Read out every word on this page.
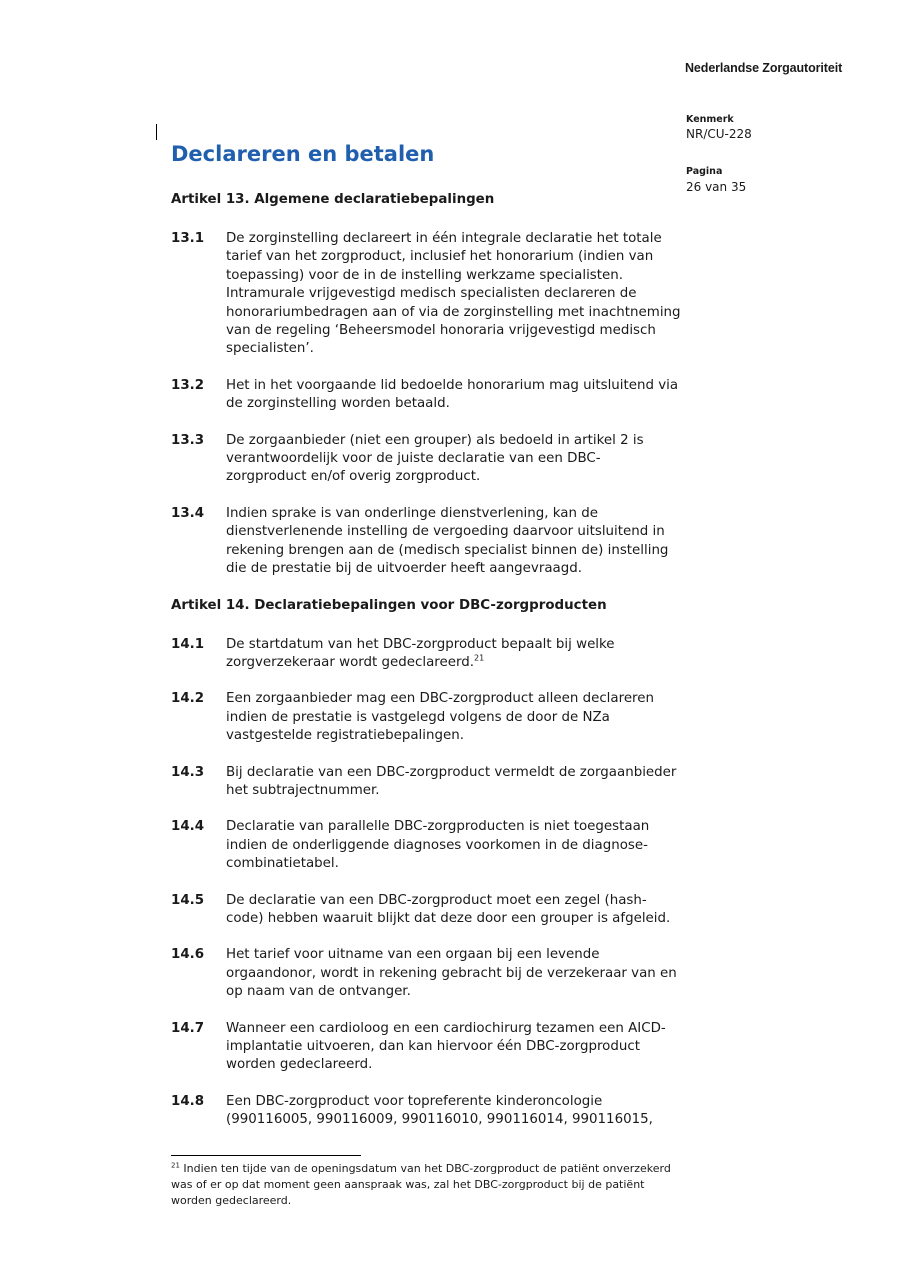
Nederlandse Zorgautoriteit
Kenmerk
NR/CU-228
Pagina
26 van 35
Declareren en betalen

Artikel 13. Algemene declaratiebepalingen

13.1	De zorginstelling declareert in één integrale declaratie het totale tarief van het zorgproduct, inclusief het honorarium (indien van toepassing) voor de in de instelling werkzame specialisten. Intramurale vrijgevestigd medisch specialisten declareren de honorariumbedragen aan of via de zorginstelling met inachtneming van de regeling ‘Beheersmodel honoraria vrijgevestigd medisch specialisten’.
13.2	Het in het voorgaande lid bedoelde honorarium mag uitsluitend via de zorginstelling worden betaald.
13.3	De zorgaanbieder (niet een grouper) als bedoeld in artikel 2 is verantwoordelijk voor de juiste declaratie van een DBC-zorgproduct en/of overig zorgproduct.
13.4	Indien sprake is van onderlinge dienstverlening, kan de dienstverlenende instelling de vergoeding daarvoor uitsluitend in rekening brengen aan de (medisch specialist binnen de) instelling die de prestatie bij de uitvoerder heeft aangevraagd.

Artikel 14. Declaratiebepalingen voor DBC-zorgproducten

14.1	De startdatum van het DBC-zorgproduct bepaalt bij welke zorgverzekeraar wordt gedeclareerd.$^{21}$
14.2	Een zorgaanbieder mag een DBC-zorgproduct alleen declareren indien de prestatie is vastgelegd volgens de door de NZa vastgestelde registratiebepalingen.
14.3	Bij declaratie van een DBC-zorgproduct vermeldt de zorgaanbieder het subtrajectnummer.
14.4	Declaratie van parallelle DBC-zorgproducten is niet toegestaan indien de onderliggende diagnoses voorkomen in de diagnose-combinatietabel.
14.5	De declaratie van een DBC-zorgproduct moet een zegel (hash-code) hebben waaruit blijkt dat deze door een grouper is afgeleid.
14.6	Het tarief voor uitname van een orgaan bij een levende orgaandonor, wordt in rekening gebracht bij de verzekeraar van en op naam van de ontvanger.
14.7	Wanneer een cardioloog en een cardiochirurg tezamen een AICD-implantatie uitvoeren, dan kan hiervoor één DBC-zorgproduct worden gedeclareerd.
14.8	Een DBC-zorgproduct voor topreferente kinderoncologie (990116005, 990116009, 990116010, 990116014, 990116015,
$^{21}$ Indien ten tijde van de openingsdatum van het DBC-zorgproduct de patiënt onverzekerd was of er op dat moment geen aanspraak was, zal het DBC-zorgproduct bij de patiënt worden gedeclareerd.
